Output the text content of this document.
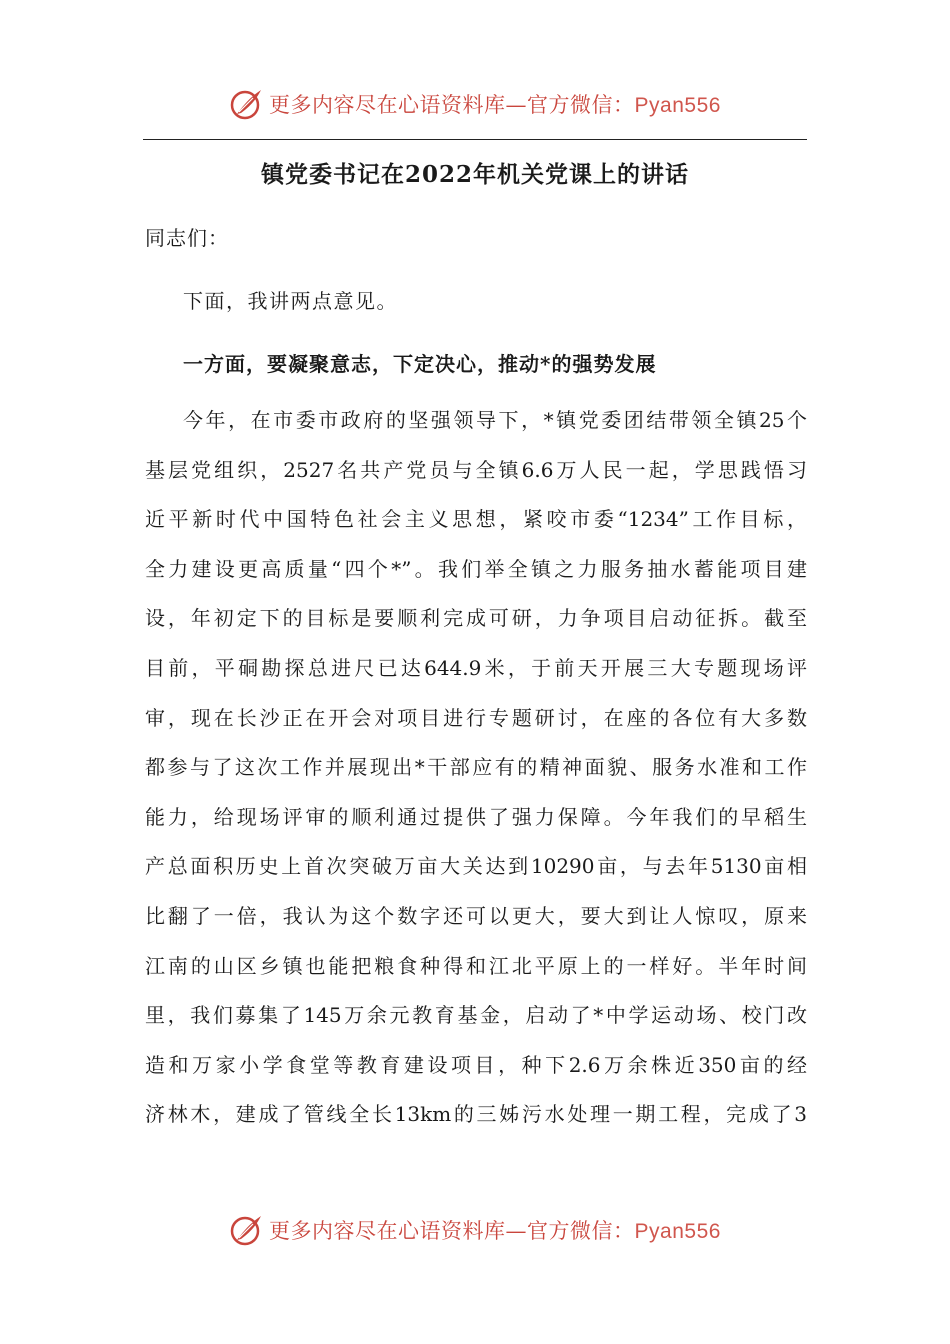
更多内容尽在心语资料库—官方微信：Pyan556
镇党委书记在2022年机关党课上的讲话
同志们：
下面，我讲两点意见。
一方面，要凝聚意志，下定决心，推动*的强势发展
今年，在市委市政府的坚强领导下，*镇党委团结带领全镇25个
基层党组织，2527名共产党员与全镇6.6万人民一起，学思践悟习
近平新时代中国特色社会主义思想，紧咬市委“1234”工作目标，
全力建设更高质量“四个*”。我们举全镇之力服务抽水蓄能项目建
设，年初定下的目标是要顺利完成可研，力争项目启动征拆。截至
目前，平硐勘探总进尺已达644.9米，于前天开展三大专题现场评
审，现在长沙正在开会对项目进行专题研讨，在座的各位有大多数
都参与了这次工作并展现出*干部应有的精神面貌、服务水准和工作
能力，给现场评审的顺利通过提供了强力保障。今年我们的早稻生
产总面积历史上首次突破万亩大关达到10290亩，与去年5130亩相
比翻了一倍，我认为这个数字还可以更大，要大到让人惊叹，原来
江南的山区乡镇也能把粮食种得和江北平原上的一样好。半年时间
里，我们募集了145万余元教育基金，启动了*中学运动场、校门改
造和万家小学食堂等教育建设项目，种下2.6万余株近350亩的经
济林木，建成了管线全长13km的三姊污水处理一期工程，完成了3
更多内容尽在心语资料库—官方微信：Pyan556
